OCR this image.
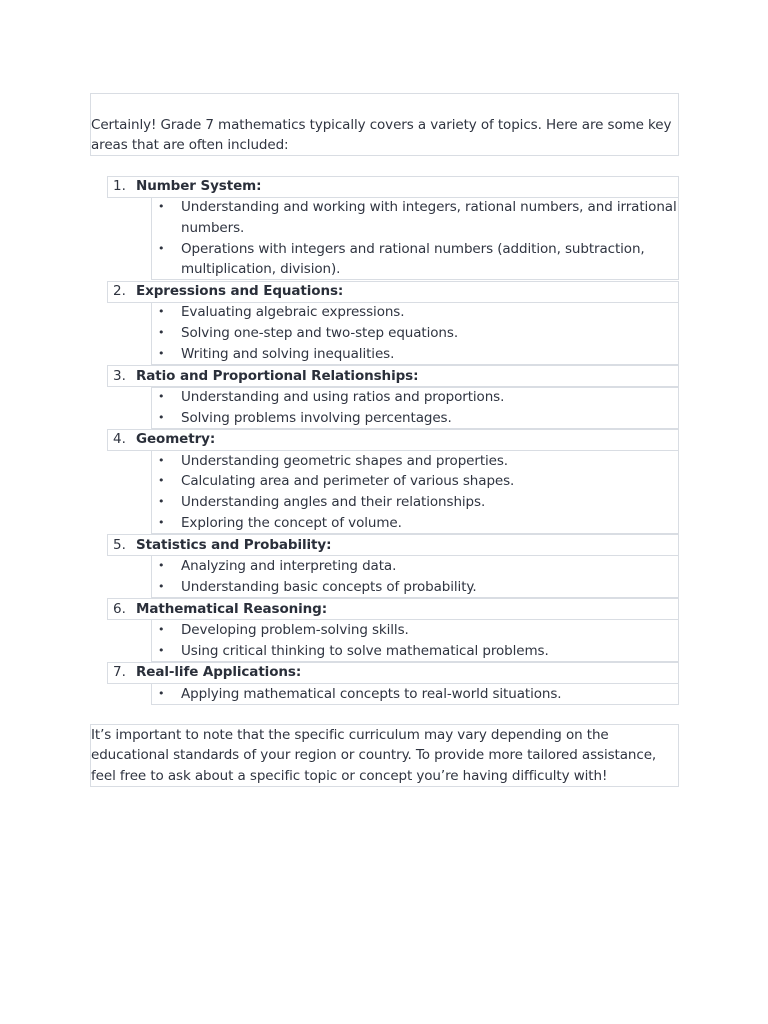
Certainly! Grade 7 mathematics typically covers a variety of topics. Here are some key
areas that are often included:
1. Number System:
• Understanding and working with integers, rational numbers, and irrational
numbers.
• Operations with integers and rational numbers (addition, subtraction,
multiplication, division).
2. Expressions and Equations:
• Evaluating algebraic expressions.
• Solving one-step and two-step equations.
• Writing and solving inequalities.
3. Ratio and Proportional Relationships:
• Understanding and using ratios and proportions.
• Solving problems involving percentages.
4. Geometry:
• Understanding geometric shapes and properties.
• Calculating area and perimeter of various shapes.
• Understanding angles and their relationships.
• Exploring the concept of volume.
5. Statistics and Probability:
• Analyzing and interpreting data.
• Understanding basic concepts of probability.
6. Mathematical Reasoning:
• Developing problem-solving skills.
• Using critical thinking to solve mathematical problems.
7. Real-life Applications:
• Applying mathematical concepts to real-world situations.
It’s important to note that the specific curriculum may vary depending on the
educational standards of your region or country. To provide more tailored assistance,
feel free to ask about a specific topic or concept you’re having difficulty with!
